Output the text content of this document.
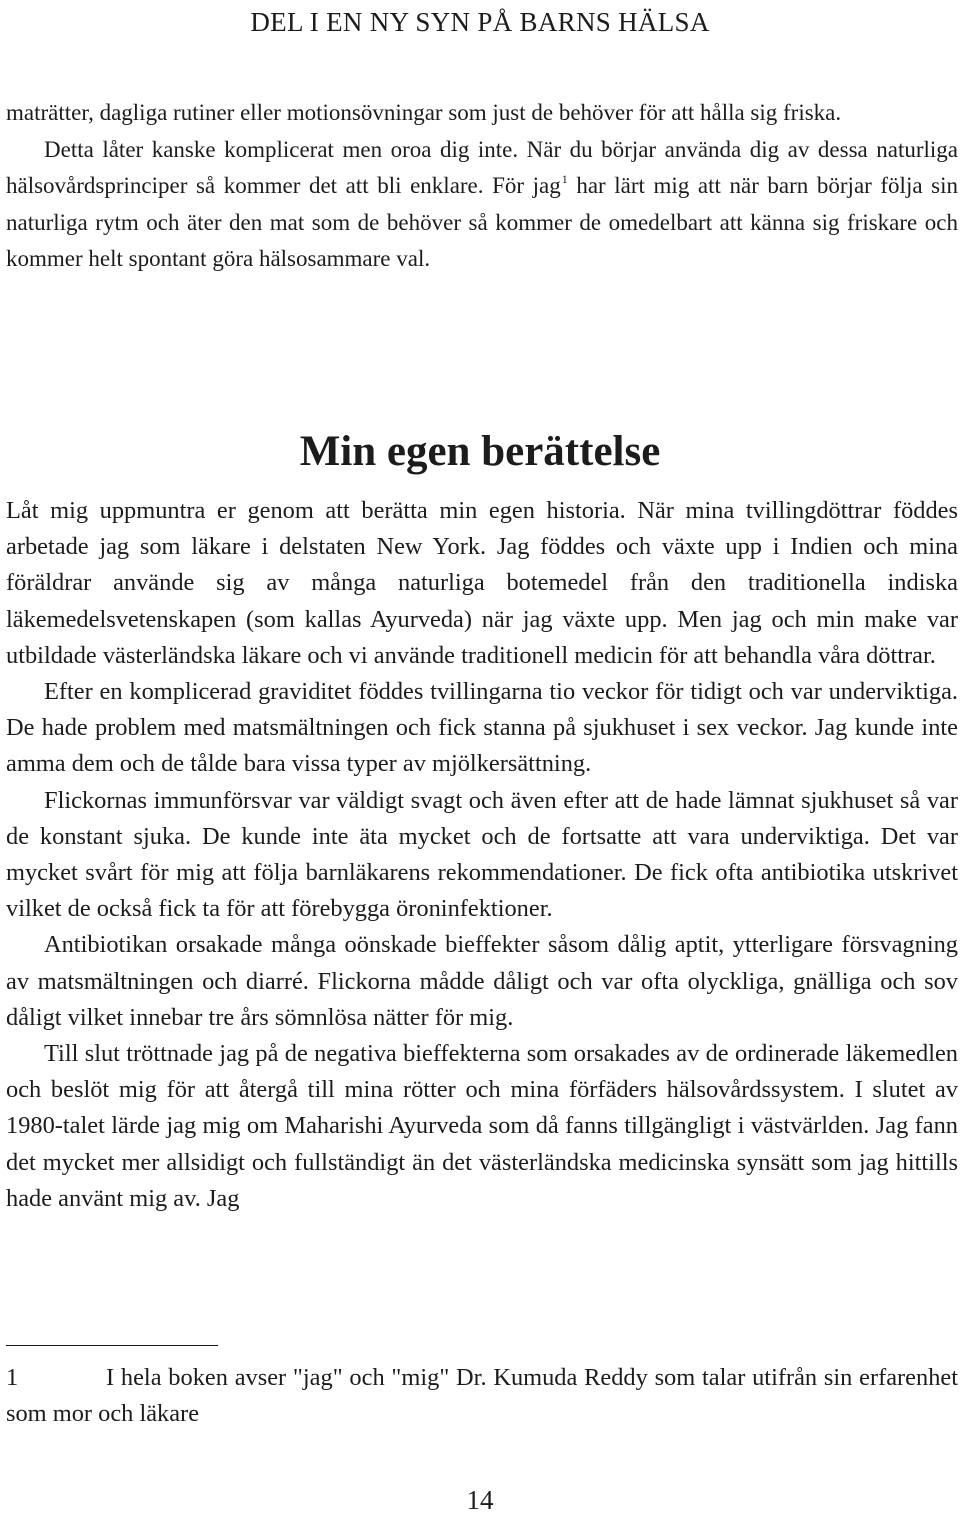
DEL I EN NY SYN PÅ BARNS HÄLSA

maträtter, dagliga rutiner eller motionsövningar som just de behöver för att hålla sig friska.

Detta låter kanske komplicerat men oroa dig inte. När du börjar använda dig av dessa naturliga hälsovårdsprinciper så kommer det att bli enklare. För jag$^1$ har lärt mig att när barn börjar följa sin naturliga rytm och äter den mat som de behöver så kommer de omedelbart att känna sig friskare och kommer helt spontant göra hälsosammare val.

Min egen berättelse

Låt mig uppmuntra er genom att berätta min egen historia. När mina tvillingdöttrar föddes arbetade jag som läkare i delstaten New York. Jag föddes och växte upp i Indien och mina föräldrar använde sig av många naturliga botemedel från den traditionella indiska läkemedelsvetenskapen (som kallas Ayurveda) när jag växte upp. Men jag och min make var utbildade västerländska läkare och vi använde traditionell medicin för att behandla våra döttrar.

Efter en komplicerad graviditet föddes tvillingarna tio veckor för tidigt och var underviktiga. De hade problem med matsmältningen och fick stanna på sjukhuset i sex veckor. Jag kunde inte amma dem och de tålde bara vissa typer av mjölkersättning.

Flickornas immunförsvar var väldigt svagt och även efter att de hade lämnat sjukhuset så var de konstant sjuka. De kunde inte äta mycket och de fortsatte att vara underviktiga. Det var mycket svårt för mig att följa barnläkarens rekommendationer. De fick ofta antibiotika utskrivet vilket de också fick ta för att förebygga öroninfektioner.

Antibiotikan orsakade många oönskade bieffekter såsom dålig aptit, ytterligare försvagning av matsmältningen och diarré. Flickorna mådde dåligt och var ofta olyckliga, gnälliga och sov dåligt vilket innebar tre års sömnlösa nätter för mig.

Till slut tröttnade jag på de negativa bieffekterna som orsakades av de ordinerade läkemedlen och beslöt mig för att återgå till mina rötter och mina förfäders hälsovårdssystem. I slutet av 1980-talet lärde jag mig om Maharishi Ayurveda som då fanns tillgängligt i västvärlden. Jag fann det mycket mer allsidigt och fullständigt än det västerländska medicinska synsätt som jag hittills hade använt mig av. Jag

1	I hela boken avser "jag" och "mig" Dr. Kumuda Reddy som talar utifrån sin erfarenhet som mor och läkare

14
